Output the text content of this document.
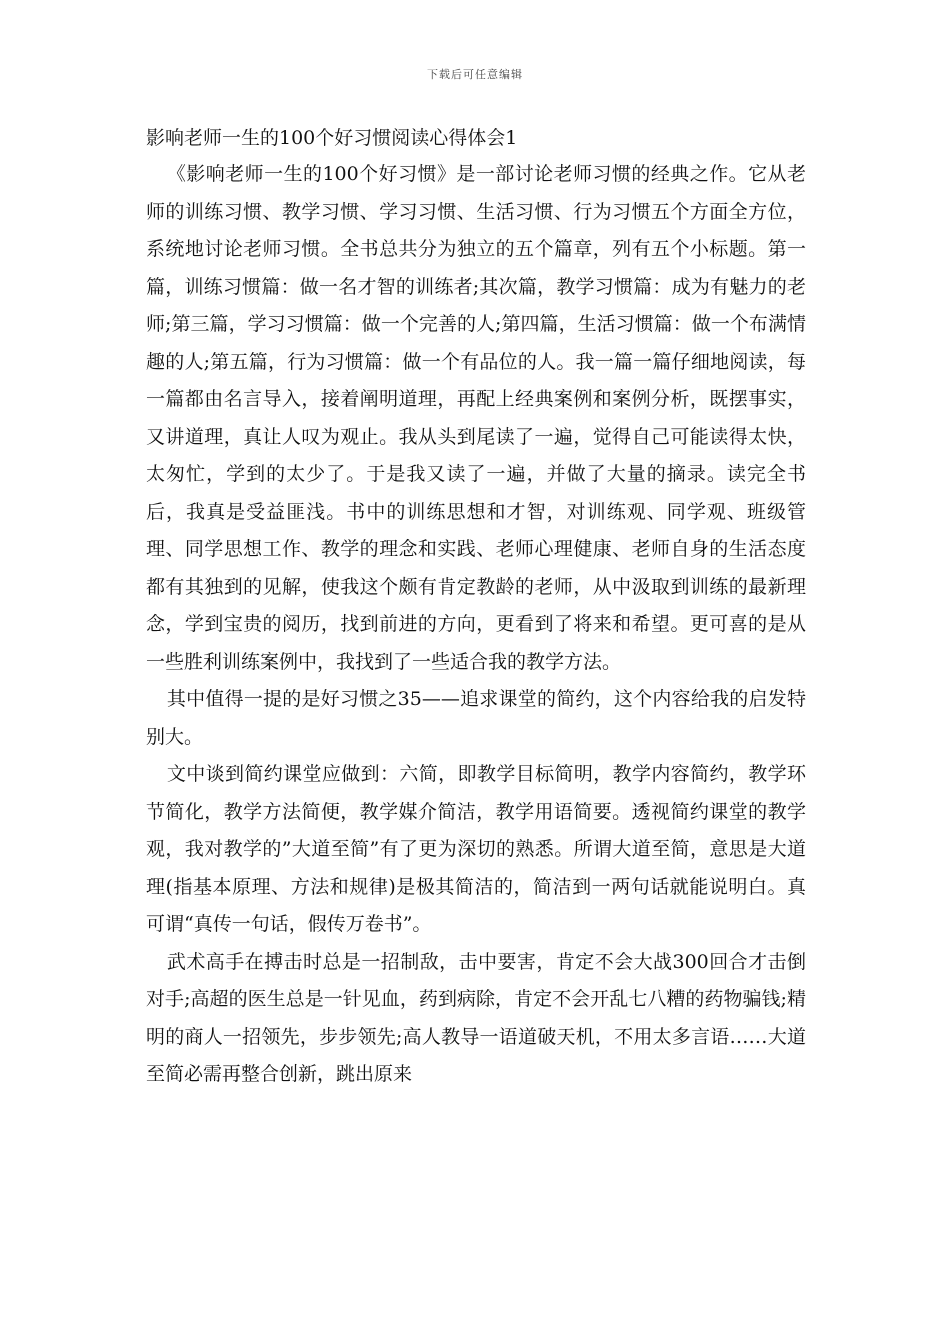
下载后可任意编辑
影响老师一生的100个好习惯阅读心得体会1

《影响老师一生的100个好习惯》是一部讨论老师习惯的经典之作。它从老师的训练习惯、教学习惯、学习习惯、生活习惯、行为习惯五个方面全方位，系统地讨论老师习惯。全书总共分为独立的五个篇章，列有五个小标题。第一篇，训练习惯篇：做一名才智的训练者;其次篇，教学习惯篇：成为有魅力的老师;第三篇，学习习惯篇：做一个完善的人;第四篇，生活习惯篇：做一个布满情趣的人;第五篇，行为习惯篇：做一个有品位的人。我一篇一篇仔细地阅读，每一篇都由名言导入，接着阐明道理，再配上经典案例和案例分析，既摆事实，又讲道理，真让人叹为观止。我从头到尾读了一遍，觉得自己可能读得太快，太匆忙，学到的太少了。于是我又读了一遍，并做了大量的摘录。读完全书后，我真是受益匪浅。书中的训练思想和才智，对训练观、同学观、班级管理、同学思想工作、教学的理念和实践、老师心理健康、老师自身的生活态度都有其独到的见解，使我这个颇有肯定教龄的老师，从中汲取到训练的最新理念，学到宝贵的阅历，找到前进的方向，更看到了将来和希望。更可喜的是从一些胜利训练案例中，我找到了一些适合我的教学方法。

其中值得一提的是好习惯之35——追求课堂的简约，这个内容给我的启发特别大。

文中谈到简约课堂应做到：六简，即教学目标简明，教学内容简约，教学环节简化，教学方法简便，教学媒介简洁，教学用语简要。透视简约课堂的教学观，我对教学的”大道至简”有了更为深切的熟悉。所谓大道至简，意思是大道理(指基本原理、方法和规律)是极其简洁的，简洁到一两句话就能说明白。真可谓“真传一句话，假传万卷书”。

武术高手在搏击时总是一招制敌，击中要害，肯定不会大战300回合才击倒对手;高超的医生总是一针见血，药到病除，肯定不会开乱七八糟的药物骗钱;精明的商人一招领先，步步领先;高人教导一语道破天机，不用太多言语……大道至简必需再整合创新，跳出原来
